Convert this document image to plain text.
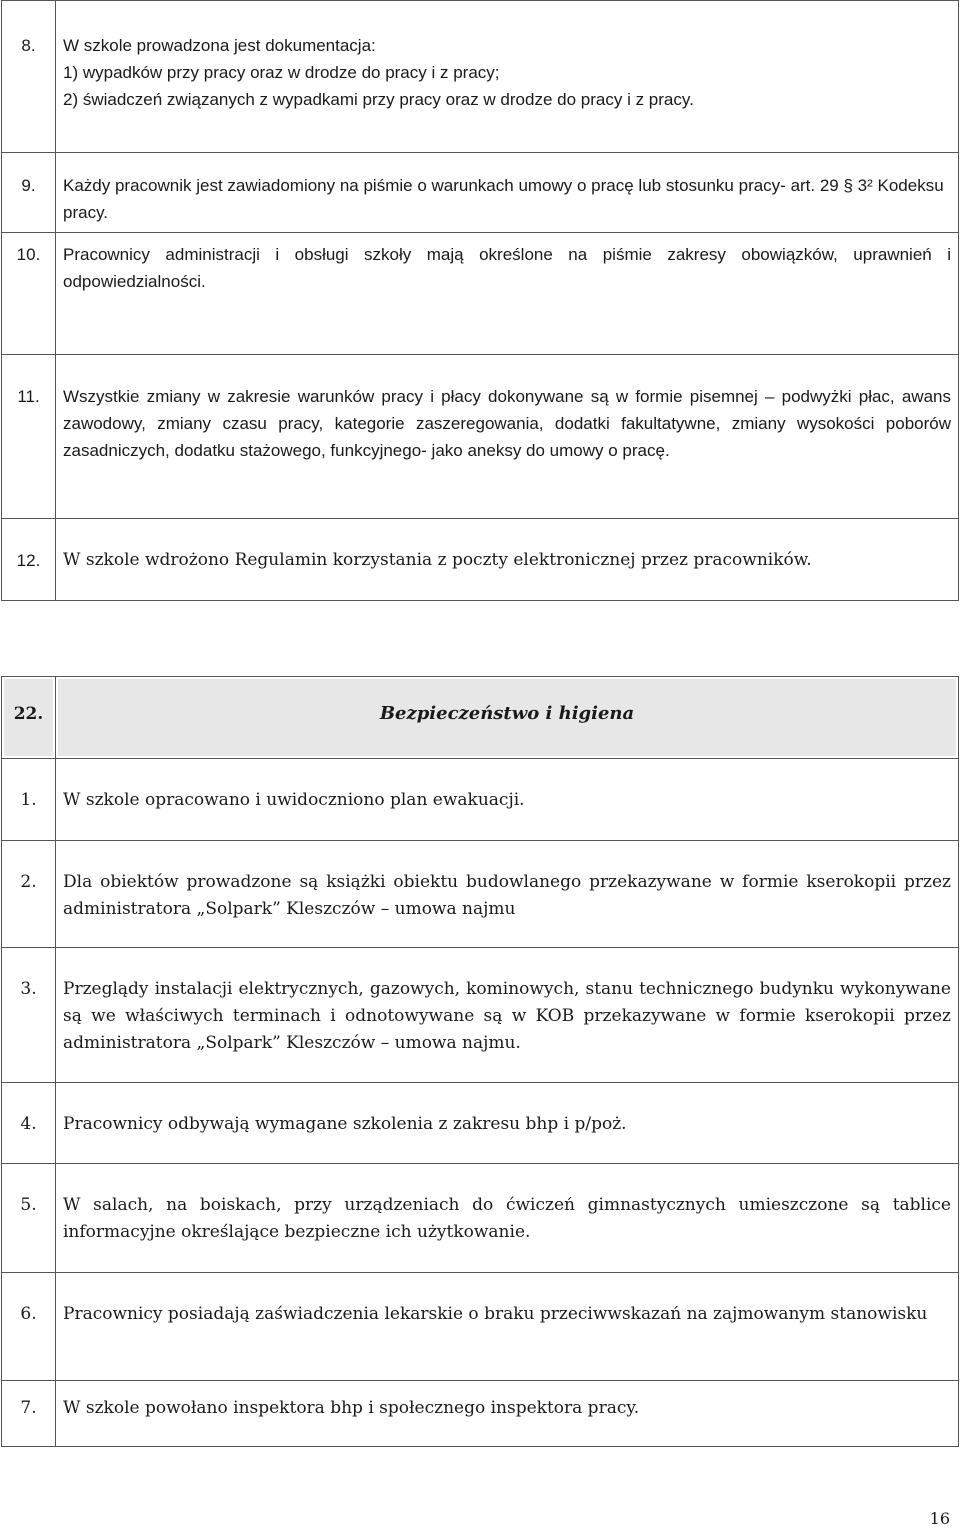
8.	W szkole prowadzona jest dokumentacja:
1) wypadków przy pracy oraz w drodze do pracy i z pracy;
2) świadczeń związanych z wypadkami przy pracy oraz w drodze do pracy i z pracy.

9.	Każdy pracownik jest zawiadomiony na piśmie o warunkach umowy o pracę lub stosunku pracy- art. 29 § 3² Kodeksu pracy.
10.	Pracownicy administracji i obsługi szkoły mają określone na piśmie zakresy obowiązków, uprawnień i odpowiedzialności.
11.	Wszystkie zmiany w zakresie warunków pracy i płacy dokonywane są w formie pisemnej – podwyżki płac, awans zawodowy, zmiany czasu pracy, kategorie zaszeregowania, dodatki fakultatywne, zmiany wysokości poborów zasadniczych, dodatku stażowego, funkcyjnego- jako aneksy do umowy o pracę.
12.	W szkole wdrożono Regulamin korzystania z poczty elektronicznej przez pracowników.
22.	Bezpieczeństwo i higiena
1.	W szkole opracowano i uwidoczniono plan ewakuacji.
2.	Dla obiektów prowadzone są książki obiektu budowlanego przekazywane w formie kserokopii przez administratora „Solpark” Kleszczów – umowa najmu
3.	Przeglądy instalacji elektrycznych, gazowych, kominowych, stanu technicznego budynku wykonywane są we właściwych terminach i odnotowywane są w KOB przekazywane w formie kserokopii przez administratora „Solpark” Kleszczów – umowa najmu.
4.	Pracownicy odbywają wymagane szkolenia z zakresu bhp i p/poż.
5.	W salach, na boiskach, przy urządzeniach do ćwiczeń gimnastycznych umieszczone są tablice informacyjne określające bezpieczne ich użytkowanie.
6.	Pracownicy posiadają zaświadczenia lekarskie o braku przeciwwskazań na zajmowanym stanowisku
7.	W szkole powołano inspektora bhp i społecznego inspektora pracy.
16
